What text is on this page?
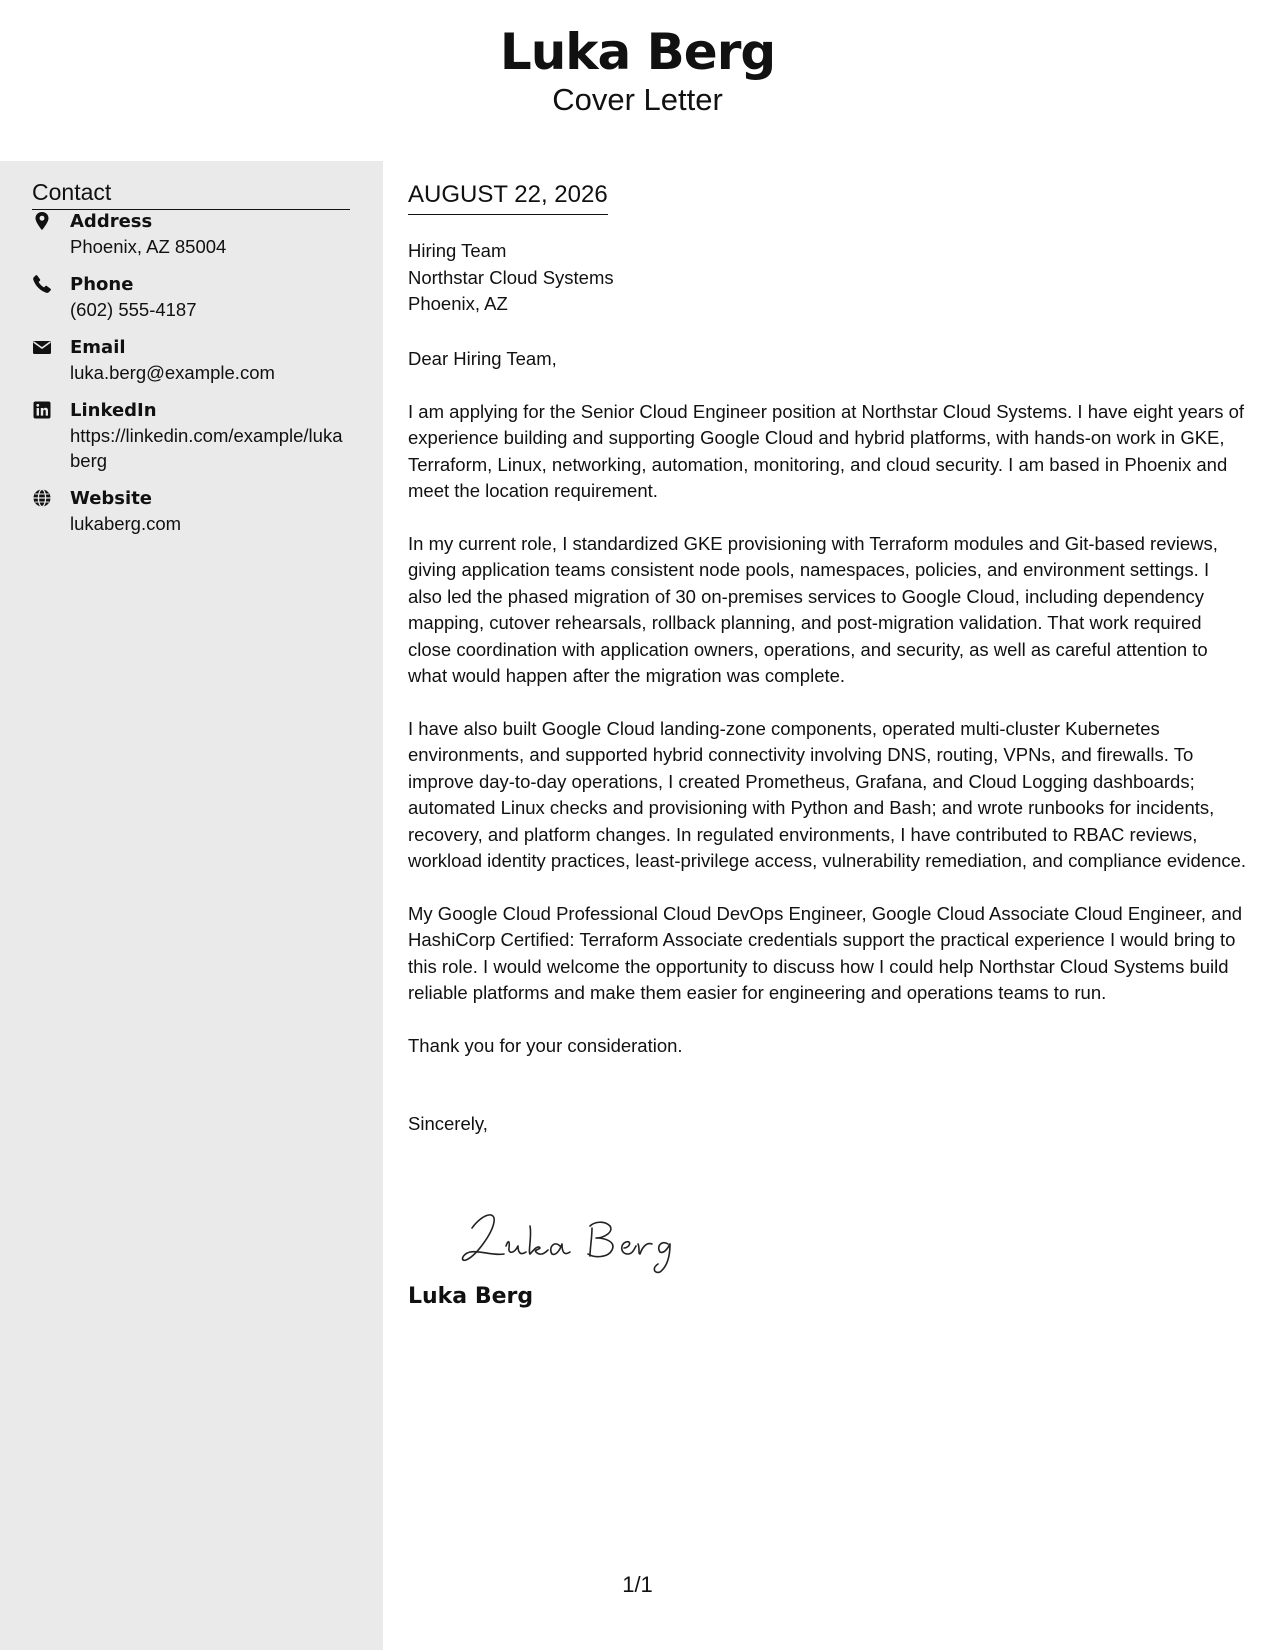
Luka Berg
Cover Letter
Contact
Address
Phoenix, AZ 85004
Phone
(602) 555-4187
Email
luka.berg@example.com
LinkedIn
https://linkedin.com/example/lukaberg
Website
lukaberg.com
AUGUST 22, 2026
Hiring Team
Northstar Cloud Systems
Phoenix, AZ

Dear Hiring Team,

I am applying for the Senior Cloud Engineer position at Northstar Cloud Systems. I have eight years of experience building and supporting Google Cloud and hybrid platforms, with hands-on work in GKE, Terraform, Linux, networking, automation, monitoring, and cloud security. I am based in Phoenix and meet the location requirement.

In my current role, I standardized GKE provisioning with Terraform modules and Git-based reviews, giving application teams consistent node pools, namespaces, policies, and environment settings. I also led the phased migration of 30 on-premises services to Google Cloud, including dependency mapping, cutover rehearsals, rollback planning, and post-migration validation. That work required close coordination with application owners, operations, and security, as well as careful attention to what would happen after the migration was complete.

I have also built Google Cloud landing-zone components, operated multi-cluster Kubernetes environments, and supported hybrid connectivity involving DNS, routing, VPNs, and firewalls. To improve day-to-day operations, I created Prometheus, Grafana, and Cloud Logging dashboards; automated Linux checks and provisioning with Python and Bash; and wrote runbooks for incidents, recovery, and platform changes. In regulated environments, I have contributed to RBAC reviews, workload identity practices, least-privilege access, vulnerability remediation, and compliance evidence.

My Google Cloud Professional Cloud DevOps Engineer, Google Cloud Associate Cloud Engineer, and HashiCorp Certified: Terraform Associate credentials support the practical experience I would bring to this role. I would welcome the opportunity to discuss how I could help Northstar Cloud Systems build reliable platforms and make them easier for engineering and operations teams to run.

Thank you for your consideration.

Sincerely,

Luka Berg
1/1
